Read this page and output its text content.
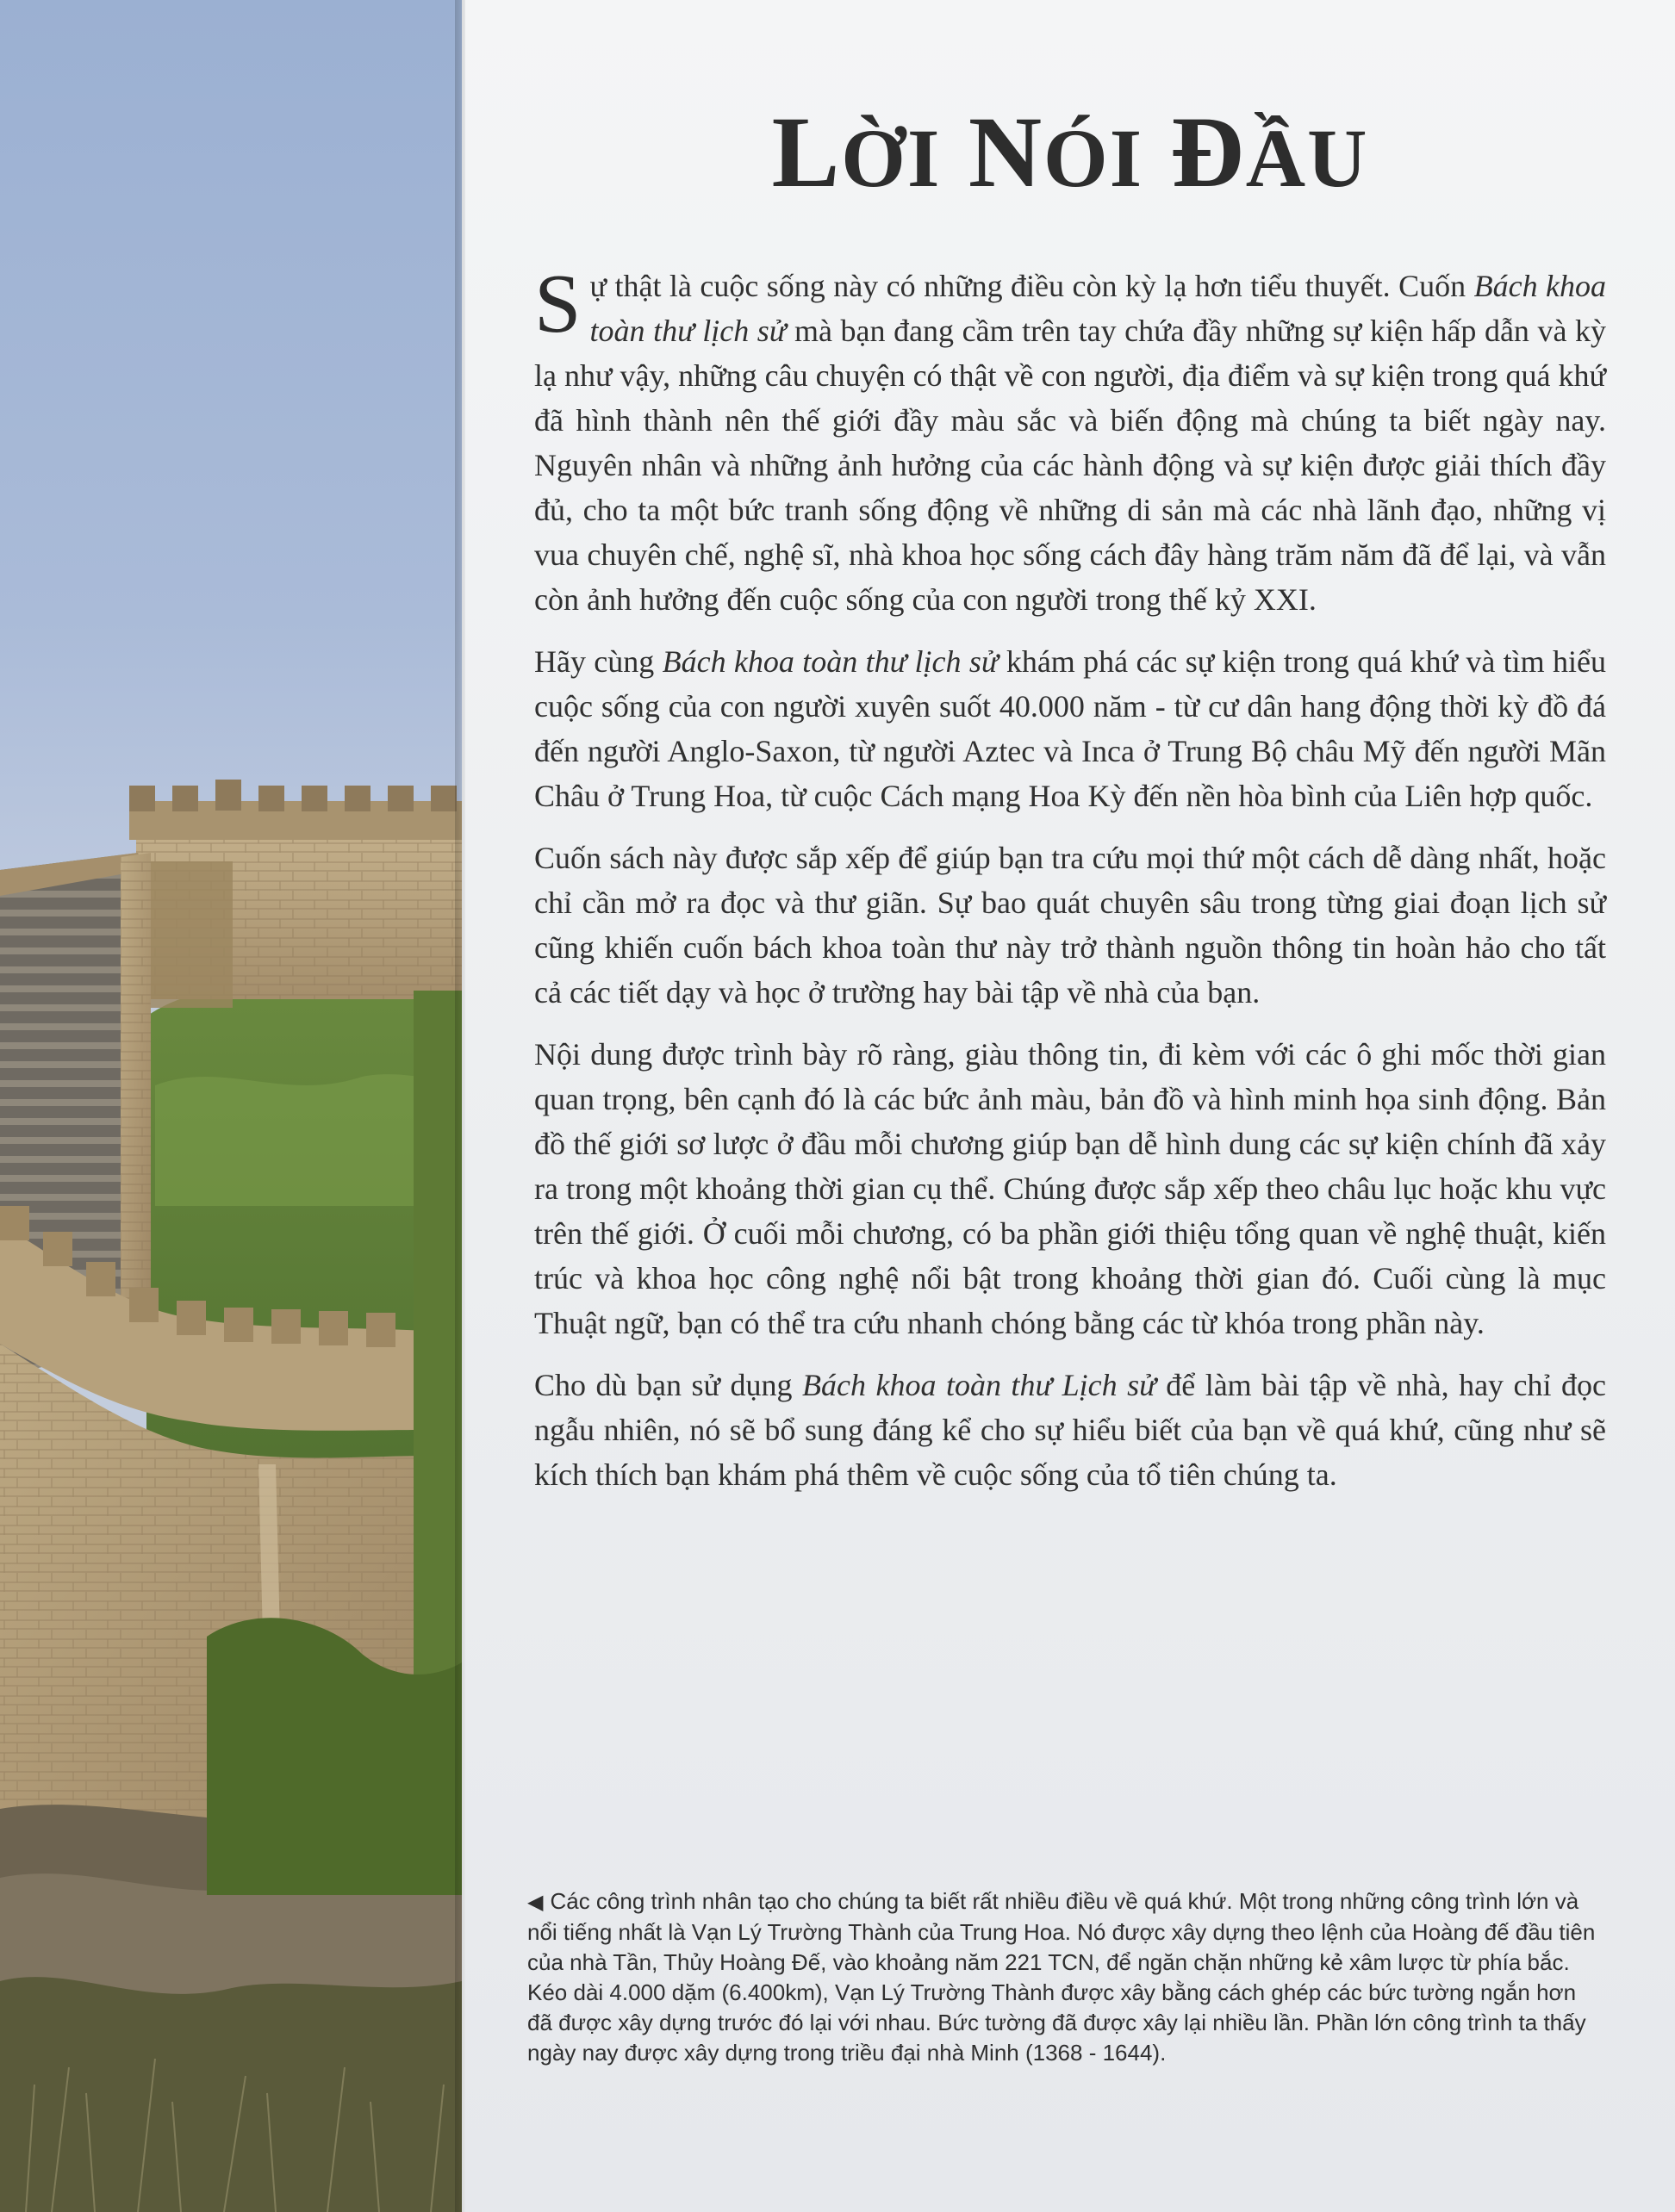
LỜI NÓI ĐẦU

Sự thật là cuộc sống này có những điều còn kỳ lạ hơn tiểu thuyết. Cuốn Bách khoa toàn thư lịch sử mà bạn đang cầm trên tay chứa đầy những sự kiện hấp dẫn và kỳ lạ như vậy, những câu chuyện có thật về con người, địa điểm và sự kiện trong quá khứ đã hình thành nên thế giới đầy màu sắc và biến động mà chúng ta biết ngày nay. Nguyên nhân và những ảnh hưởng của các hành động và sự kiện được giải thích đầy đủ, cho ta một bức tranh sống động về những di sản mà các nhà lãnh đạo, những vị vua chuyên chế, nghệ sĩ, nhà khoa học sống cách đây hàng trăm năm đã để lại, và vẫn còn ảnh hưởng đến cuộc sống của con người trong thế kỷ XXI.

Hãy cùng Bách khoa toàn thư lịch sử khám phá các sự kiện trong quá khứ và tìm hiểu cuộc sống của con người xuyên suốt 40.000 năm - từ cư dân hang động thời kỳ đồ đá đến người Anglo-Saxon, từ người Aztec và Inca ở Trung Bộ châu Mỹ đến người Mãn Châu ở Trung Hoa, từ cuộc Cách mạng Hoa Kỳ đến nền hòa bình của Liên hợp quốc.

Cuốn sách này được sắp xếp để giúp bạn tra cứu mọi thứ một cách dễ dàng nhất, hoặc chỉ cần mở ra đọc và thư giãn. Sự bao quát chuyên sâu trong từng giai đoạn lịch sử cũng khiến cuốn bách khoa toàn thư này trở thành nguồn thông tin hoàn hảo cho tất cả các tiết dạy và học ở trường hay bài tập về nhà của bạn.

Nội dung được trình bày rõ ràng, giàu thông tin, đi kèm với các ô ghi mốc thời gian quan trọng, bên cạnh đó là các bức ảnh màu, bản đồ và hình minh họa sinh động. Bản đồ thế giới sơ lược ở đầu mỗi chương giúp bạn dễ hình dung các sự kiện chính đã xảy ra trong một khoảng thời gian cụ thể. Chúng được sắp xếp theo châu lục hoặc khu vực trên thế giới. Ở cuối mỗi chương, có ba phần giới thiệu tổng quan về nghệ thuật, kiến trúc và khoa học công nghệ nổi bật trong khoảng thời gian đó. Cuối cùng là mục Thuật ngữ, bạn có thể tra cứu nhanh chóng bằng các từ khóa trong phần này.

Cho dù bạn sử dụng Bách khoa toàn thư Lịch sử để làm bài tập về nhà, hay chỉ đọc ngẫu nhiên, nó sẽ bổ sung đáng kể cho sự hiểu biết của bạn về quá khứ, cũng như sẽ kích thích bạn khám phá thêm về cuộc sống của tổ tiên chúng ta.

◀ Các công trình nhân tạo cho chúng ta biết rất nhiều điều về quá khứ. Một trong những công trình lớn và nổi tiếng nhất là Vạn Lý Trường Thành của Trung Hoa. Nó được xây dựng theo lệnh của Hoàng đế đầu tiên của nhà Tần, Thủy Hoàng Đế, vào khoảng năm 221 TCN, để ngăn chặn những kẻ xâm lược từ phía bắc. Kéo dài 4.000 dặm (6.400km), Vạn Lý Trường Thành được xây bằng cách ghép các bức tường ngắn hơn đã được xây dựng trước đó lại với nhau. Bức tường đã được xây lại nhiều lần. Phần lớn công trình ta thấy ngày nay được xây dựng trong triều đại nhà Minh (1368 - 1644).
